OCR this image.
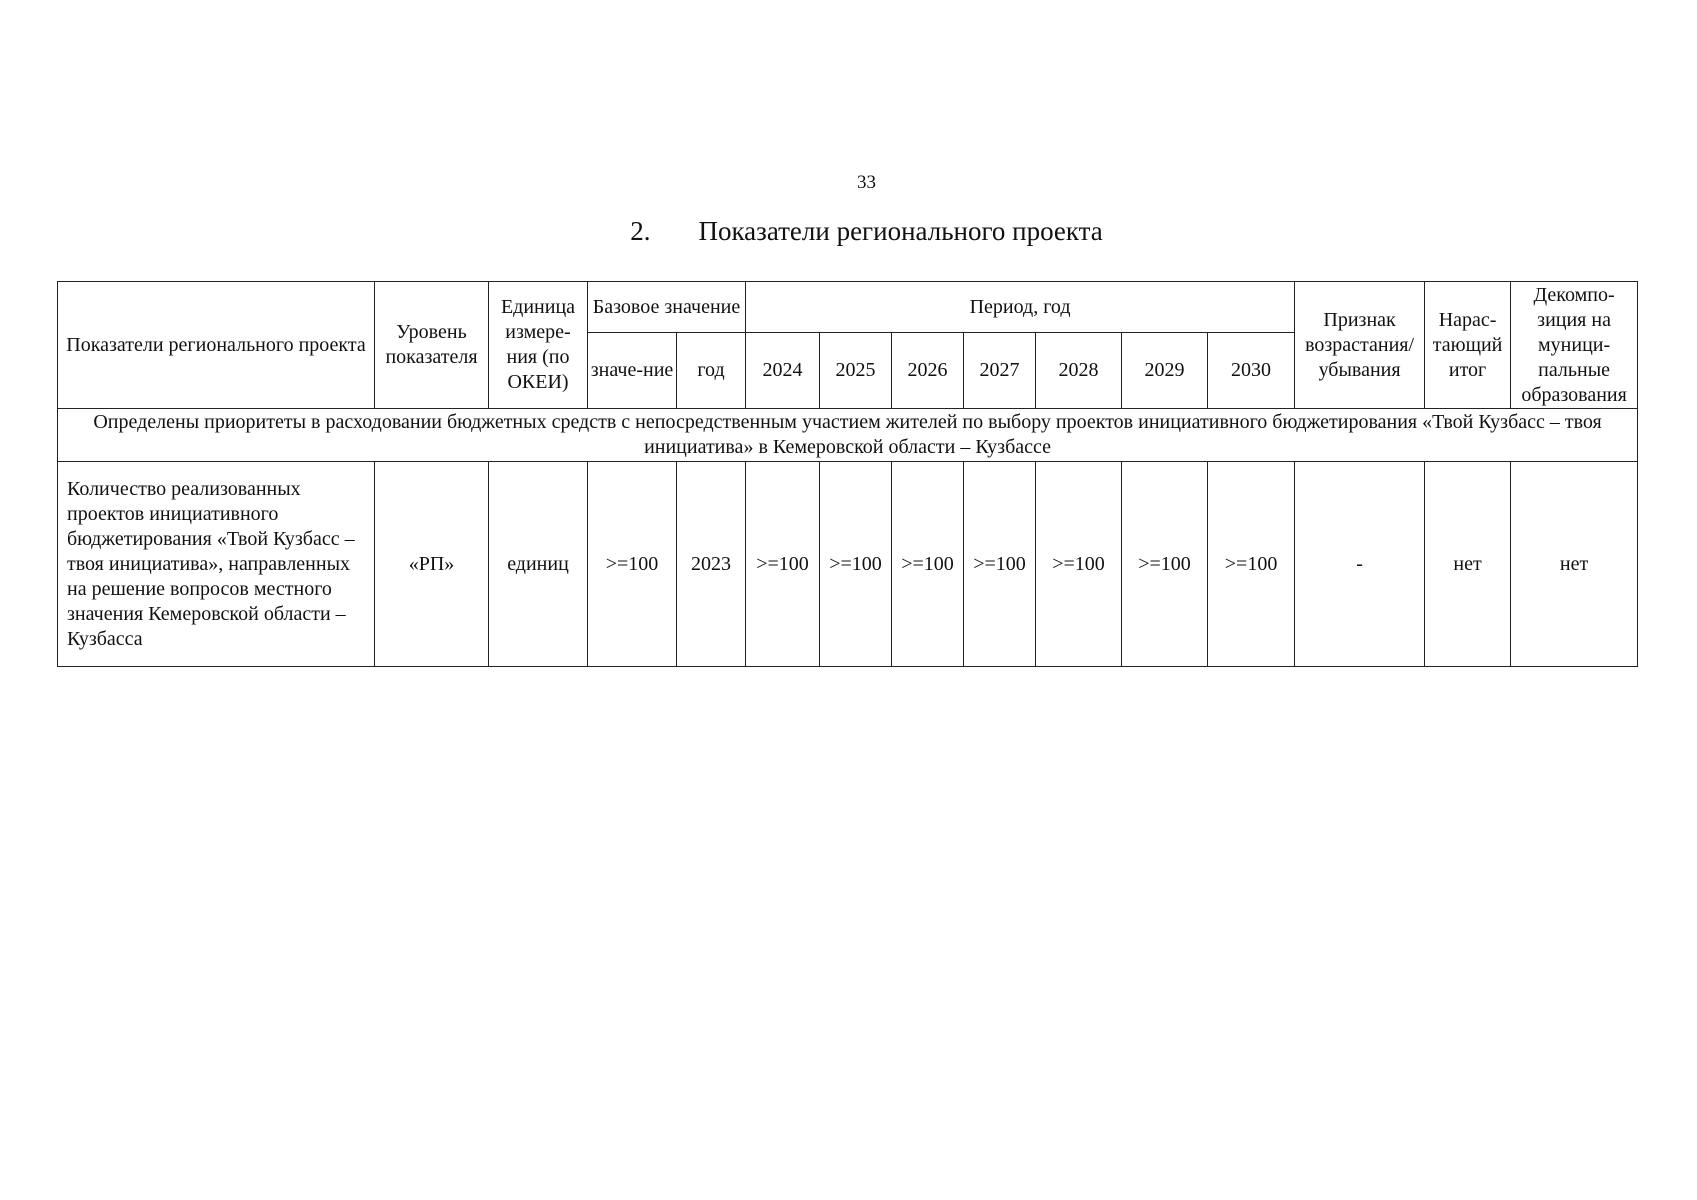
33
2. Показатели регионального проекта
Показатели регионального проекта	Уровень показателя	Единица измере-ния (по ОКЕИ)	Базовое значение		Период, год							Признак возрастания/ убывания	Нарас-тающий итог	Декомпо-зиция на муници-пальные образования
			значе-ние	год	2024	2025	2026	2027	2028	2029	2030			
Определены приоритеты в расходовании бюджетных средств с непосредственным участием жителей по выбору проектов инициативного бюджетирования «Твой Кузбасс – твоя инициатива» в Кемеровской области – Кузбассе														
Количество реализованных проектов инициативного бюджетирования «Твой Кузбасс – твоя инициатива», направленных на решение вопросов местного значения Кемеровской области – Кузбасса	«РП»	единиц	>=100	2023	>=100	>=100	>=100	>=100	>=100	>=100	>=100	-	нет	нет
